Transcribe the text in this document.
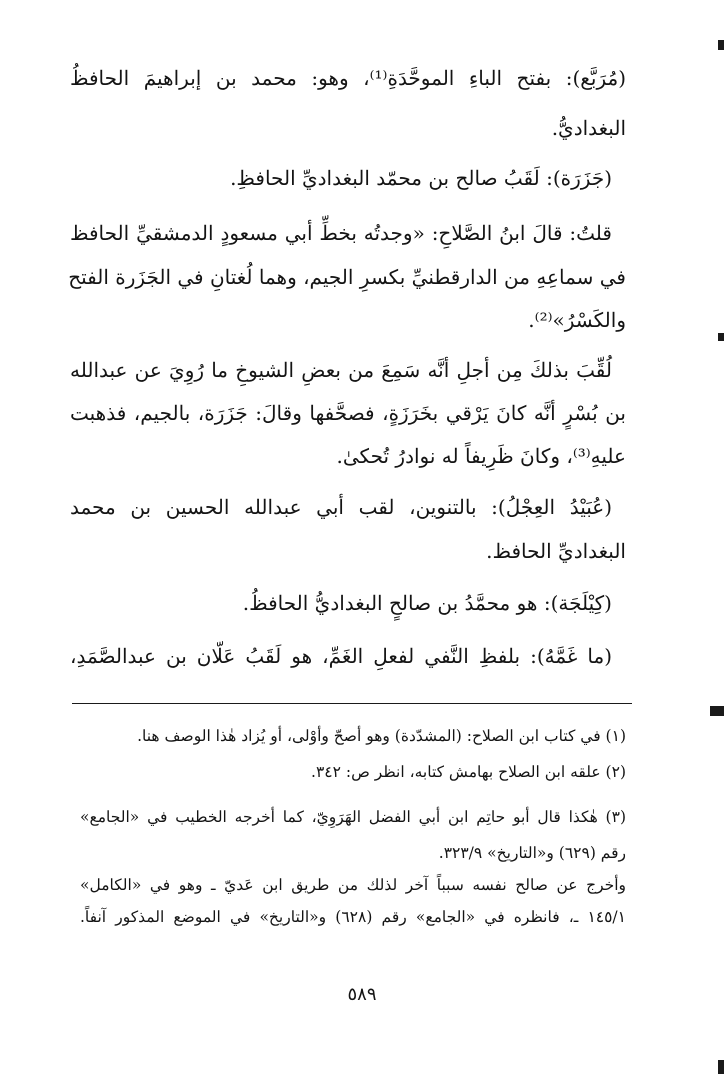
(مُرَبَّع): بفتح الباءِ الموحَّدَةِ⁽¹⁾، وهو: محمد بن إبراهيمَ الحافظُ
البغداديُّ.
(جَزَرَة): لَقَبُ صالح بن محمّد البغداديِّ الحافظِ.
قلتُ: قالَ ابنُ الصَّلاحِ: «وجدتُه بخطِّ أبي مسعودٍ الدمشقيِّ الحافظ
في سماعِهِ من الدارقطنيِّ بكسرِ الجيم، وهما لُغتانِ في الجَزَرة الفتح
والكَسْرُ»⁽²⁾.
لُقِّبَ بذلكَ مِن أجلِ أنَّه سَمِعَ من بعضِ الشيوخِ ما رُوِيَ عن عبدالله
بن بُسْرٍ أنَّه كانَ يَرْقي بخَرَزَةٍ، فصحَّفها وقالَ: جَزَرَة، بالجيم، فذهبت
عليهِ⁽³⁾، وكانَ ظَرِيفاً له نوادرُ تُحكىٰ.
(عُبَيْدُ العِجْلُ): بالتنوين، لقب أبي عبدالله الحسين بن محمد
البغداديِّ الحافظ.
(كِيْلَجَة): هو محمَّدُ بن صالحٍ البغداديُّ الحافظُ.
(ما غَمَّهُ): بلفظِ النَّفي لفعلِ الغَمِّ، هو لَقَبُ عَلّان بن عبدالصَّمَدِ،
(١) في كتاب ابن الصلاح: (المشدّدة) وهو أصحّ وأوْلى، أو يُزاد هٰذا الوصف هنا.
(٢) علقه ابن الصلاح بهامش كتابه، انظر ص: ٣٤٢.
(٣) هٰكذا قال أبو حاتِم ابن أبي الفضل الهَرَوِيّ، كما أخرجه الخطيب في «الجامع»
رقم (٦٢٩) و«التاريخ» ٣٢٣/٩.
وأخرج عن صالح نفسه سبباً آخر لذلك من طريق ابن عَديّ ـ وهو في «الكامل»
١٤٥/١ ـ، فانظره في «الجامع» رقم (٦٢٨) و«التاريخ» في الموضع المذكور آنفاً.
٥٨٩
